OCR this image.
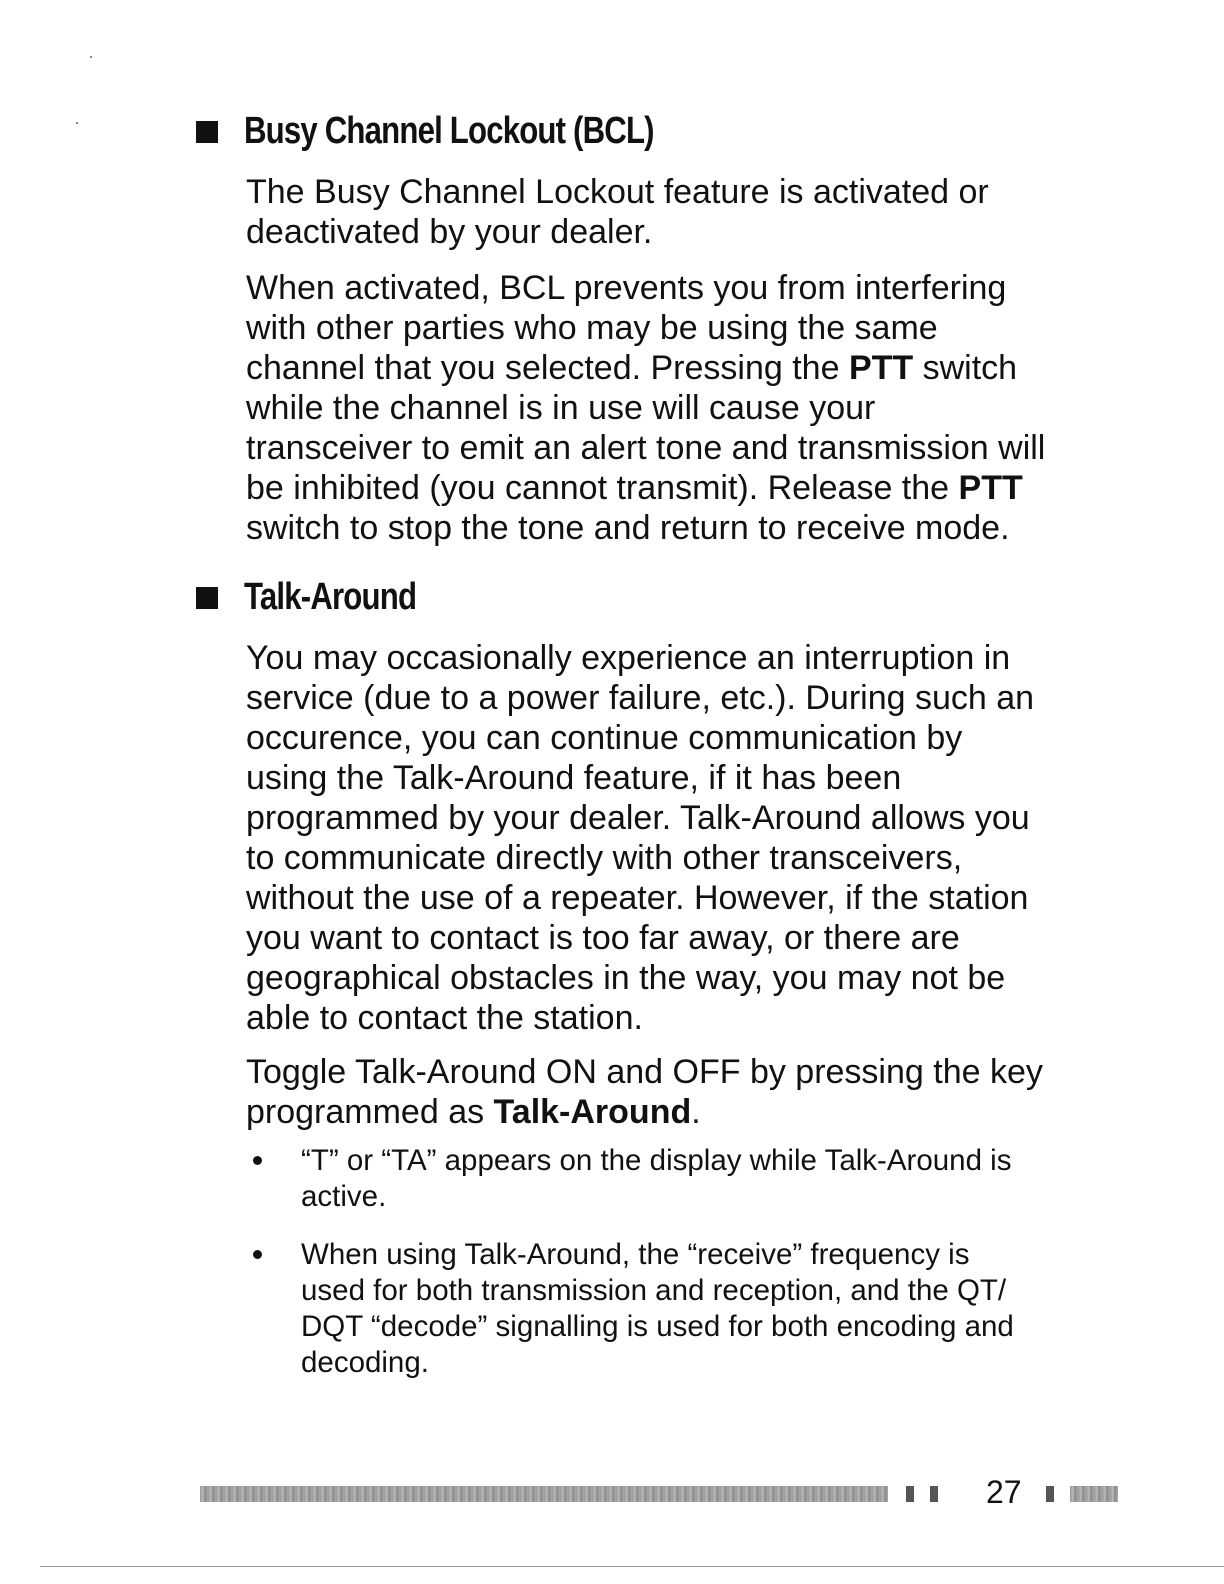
Busy Channel Lockout (BCL)

The Busy Channel Lockout feature is activated or
deactivated by your dealer.

When activated, BCL prevents you from interfering
with other parties who may be using the same
channel that you selected. Pressing the PTT switch
while the channel is in use will cause your
transceiver to emit an alert tone and transmission will
be inhibited (you cannot transmit). Release the PTT
switch to stop the tone and return to receive mode.

Talk-Around

You may occasionally experience an interruption in
service (due to a power failure, etc.). During such an
occurence, you can continue communication by
using the Talk-Around feature, if it has been
programmed by your dealer. Talk-Around allows you
to communicate directly with other transceivers,
without the use of a repeater. However, if the station
you want to contact is too far away, or there are
geographical obstacles in the way, you may not be
able to contact the station.

Toggle Talk-Around ON and OFF by pressing the key
programmed as Talk-Around.

“T” or “TA” appears on the display while Talk-Around is
active.
When using Talk-Around, the “receive” frequency is
used for both transmission and reception, and the QT/
DQT “decode” signalling is used for both encoding and
decoding.
27
